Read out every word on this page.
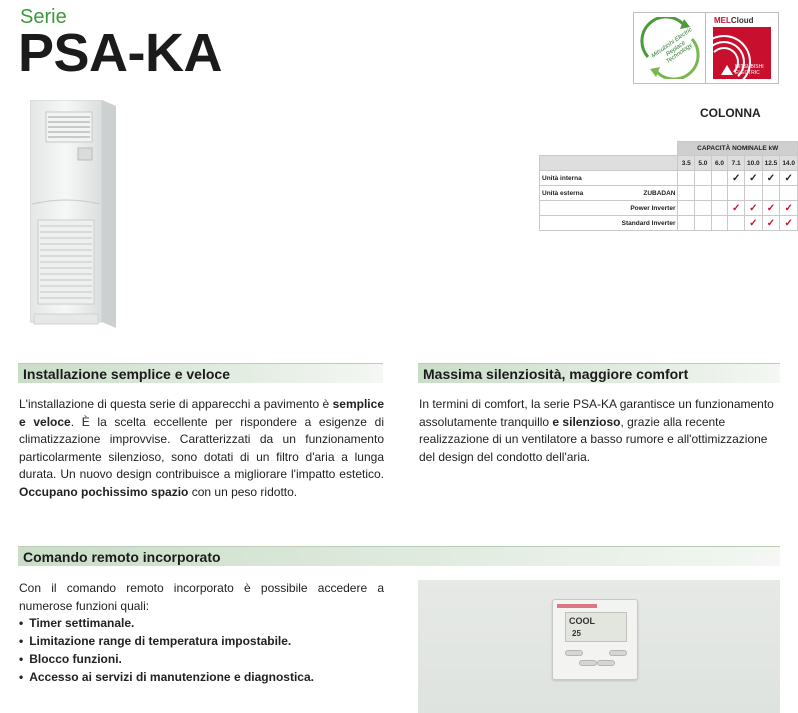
Serie
PSA-KA	Mitsubishi Electric Replace Technology
MELCloud
MITSUBISHI ELECTRIC
COLONNA
		CAPACITÀ NOMINALE kW						
		3.5	5.0	6.0	7.1	10.0	12.5	14.0
Unità interna					✓	✓	✓	✓
Unità esterna	ZUBADAN							
	Power Inverter				✓	✓	✓	✓
	Standard Inverter					✓	✓	✓
Installazione semplice e veloce	Massima silenziosità, maggiore comfort
Comando remoto incorporato
L'installazione di questa serie di apparecchi a pavimento è semplice e veloce. È la scelta eccellente per rispondere a esigenze di climatizzazione improvvise. Caratterizzati da un funzionamento particolarmente silenzioso, sono dotati di un filtro d'aria a lunga durata. Un nuovo design contribuisce a migliorare l'impatto estetico. Occupano pochissimo spazio con un peso ridotto.
In termini di comfort, la serie PSA-KA garantisce un funzionamento assolutamente tranquillo e silenzioso, grazie alla recente realizzazione di un ventilatore a basso rumore e all'ottimizzazione del design del condotto dell'aria.
Con il comando remoto incorporato è possibile accedere a numerose funzioni quali:
• Timer settimanale.
• Limitazione range di temperatura impostabile.
• Blocco funzioni.
• Accesso ai servizi di manutenzione e diagnostica.
COOL
25
